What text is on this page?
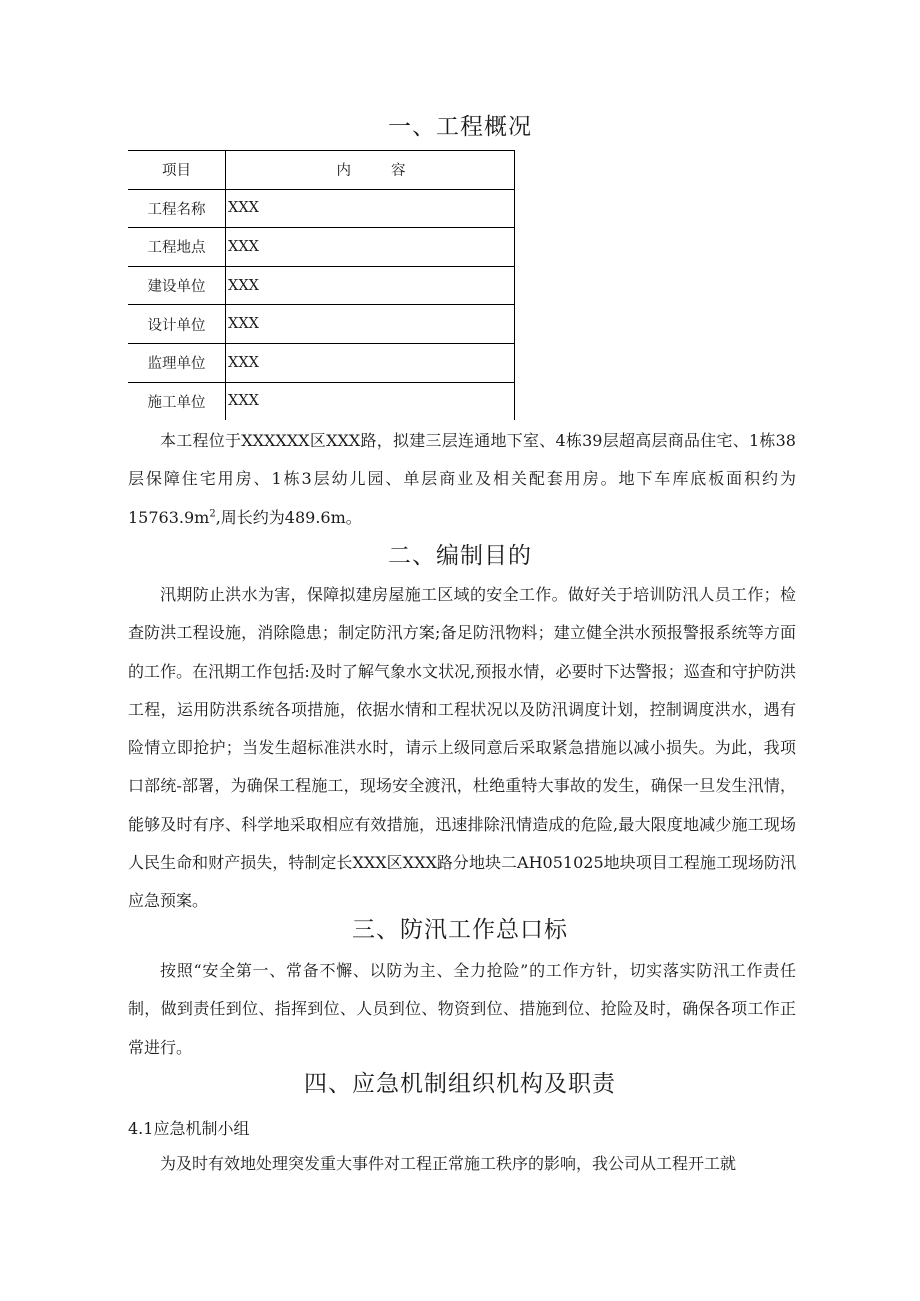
一、工程概况
项目	内 容
工程名称	XXX
工程地点	XXX
建设单位	XXX
设计单位	XXX
监理单位	XXX
施工单位	XXX

本工程位于XXXXXX区XXX路，拟建三层连通地下室、4栋39层超高层商品住宅、1栋38层保障住宅用房、1栋3层幼儿园、单层商业及相关配套用房。地下车库底板面积约为$15763.9m^2$,周长约为489.6m。

二、编制目的

汛期防止洪水为害，保障拟建房屋施工区域的安全工作。做好关于培训防汛人员工作；检查防洪工程设施，消除隐患；制定防汛方案;备足防汛物料；建立健全洪水预报警报系统等方面的工作。在汛期工作包括:及时了解气象水文状况,预报水情，必要时下达警报；巡查和守护防洪工程，运用防洪系统各项措施，依据水情和工程状况以及防汛调度计划，控制调度洪水，遇有险情立即抢护；当发生超标准洪水时，请示上级同意后采取紧急措施以减小损失。为此，我项口部统-部署，为确保工程施工，现场安全渡汛，杜绝重特大事故的发生，确保一旦发生汛情，能够及时有序、科学地采取相应有效措施，迅速排除汛情造成的危险,最大限度地减少施工现场人民生命和财产损失，特制定长XXX区XXX路分地块二AH051025地块项目工程施工现场防汛应急预案。

三、防汛工作总口标

按照“安全第一、常备不懈、以防为主、全力抢险”的工作方针，切实落实防汛工作责任制，做到责任到位、指挥到位、人员到位、物资到位、措施到位、抢险及时，确保各项工作正常进行。

四、应急机制组织机构及职责

4.1应急机制小组

为及时有效地处理突发重大事件对工程正常施工秩序的影响，我公司从工程开工就
